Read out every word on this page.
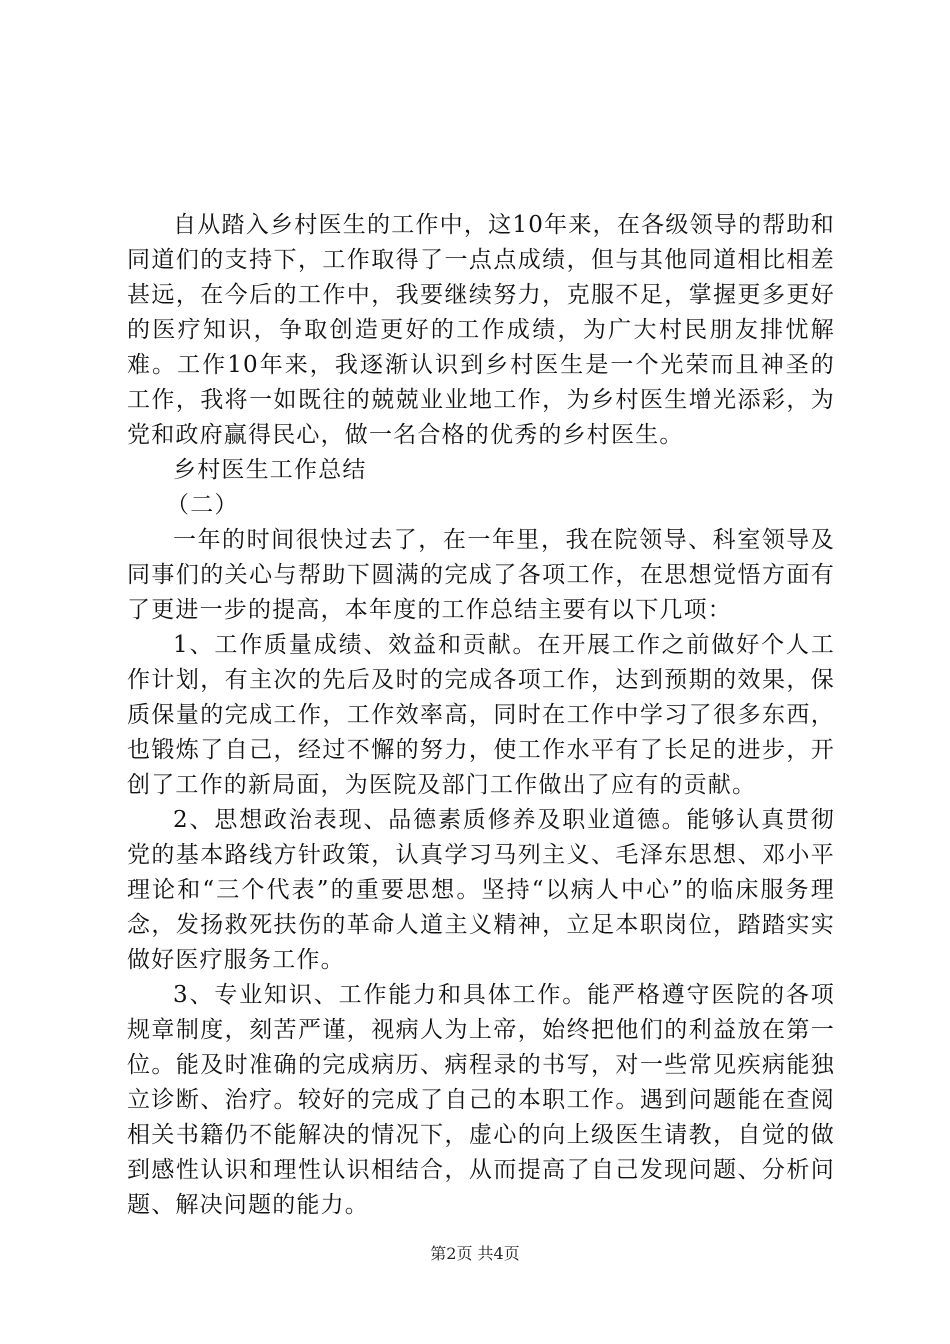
自从踏入乡村医生的工作中，这10年来，在各级领导的帮助和同道们的支持下，工作取得了一点点成绩，但与其他同道相比相差甚远，在今后的工作中，我要继续努力，克服不足，掌握更多更好的医疗知识，争取创造更好的工作成绩，为广大村民朋友排忧解难。工作10年来，我逐渐认识到乡村医生是一个光荣而且神圣的工作，我将一如既往的兢兢业业地工作，为乡村医生增光添彩，为党和政府赢得民心，做一名合格的优秀的乡村医生。

乡村医生工作总结

（二）

一年的时间很快过去了，在一年里，我在院领导、科室领导及同事们的关心与帮助下圆满的完成了各项工作，在思想觉悟方面有了更进一步的提高，本年度的工作总结主要有以下几项：

1、工作质量成绩、效益和贡献。在开展工作之前做好个人工作计划，有主次的先后及时的完成各项工作，达到预期的效果，保质保量的完成工作，工作效率高，同时在工作中学习了很多东西，也锻炼了自己，经过不懈的努力，使工作水平有了长足的进步，开创了工作的新局面，为医院及部门工作做出了应有的贡献。

2、思想政治表现、品德素质修养及职业道德。能够认真贯彻党的基本路线方针政策，认真学习马列主义、毛泽东思想、邓小平理论和“三个代表”的重要思想。坚持“以病人中心”的临床服务理念，发扬救死扶伤的革命人道主义精神，立足本职岗位，踏踏实实做好医疗服务工作。

3、专业知识、工作能力和具体工作。能严格遵守医院的各项规章制度，刻苦严谨，视病人为上帝，始终把他们的利益放在第一位。能及时准确的完成病历、病程录的书写，对一些常见疾病能独立诊断、治疗。较好的完成了自己的本职工作。遇到问题能在查阅相关书籍仍不能解决的情况下，虚心的向上级医生请教，自觉的做到感性认识和理性认识相结合，从而提高了自己发现问题、分析问题、解决问题的能力。

第2页 共4页
